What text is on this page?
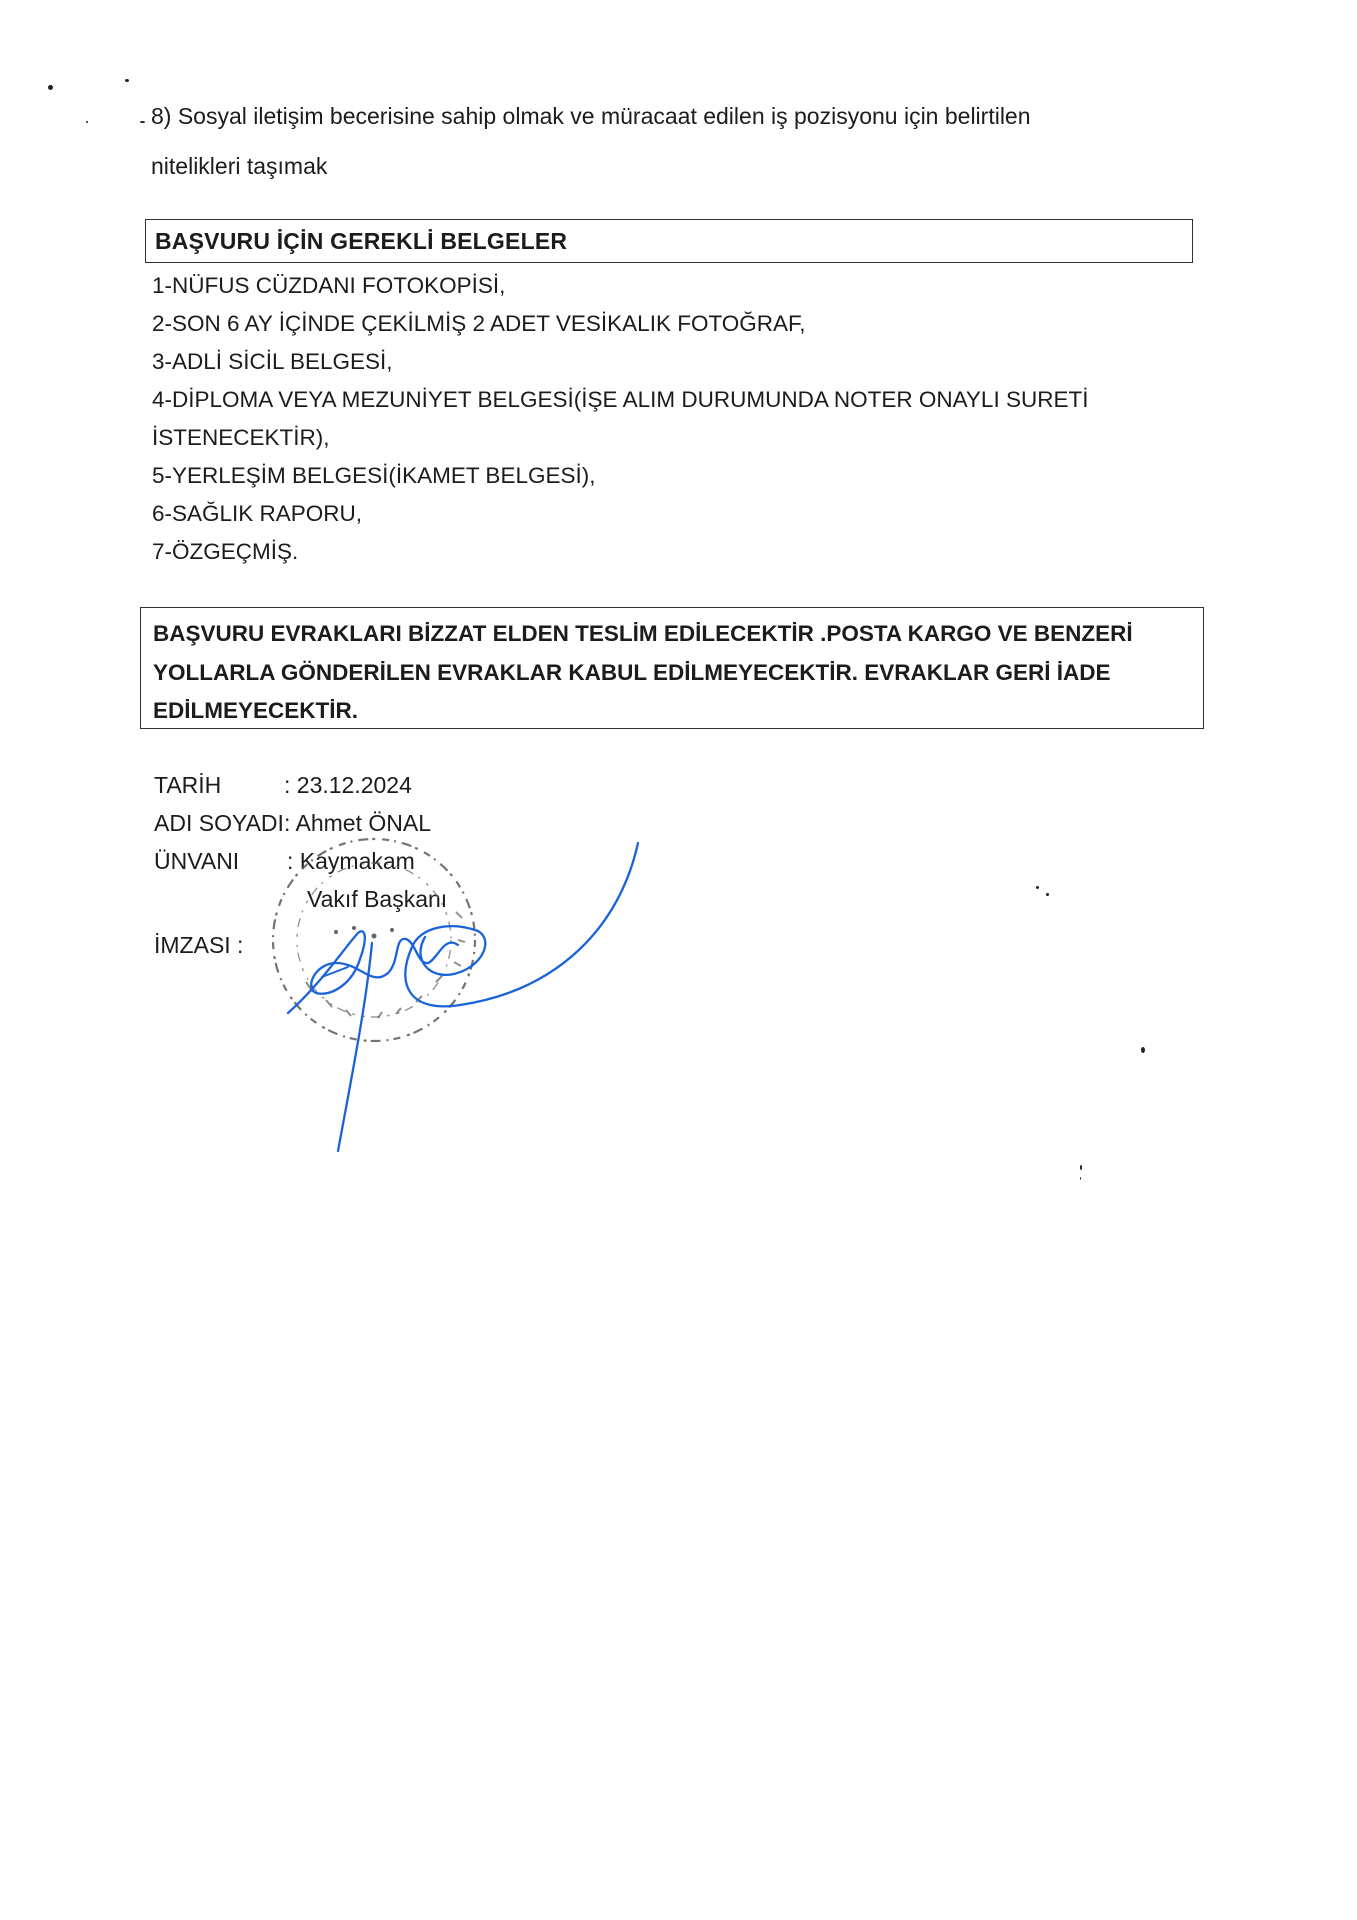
8) Sosyal iletişim becerisine sahip olmak ve müracaat edilen iş pozisyonu için belirtilen

nitelikleri taşımak

BAŞVURU İÇİN GEREKLİ BELGELER
1-NÜFUS CÜZDANI FOTOKOPİSİ,
2-SON 6 AY İÇİNDE ÇEKİLMİŞ 2 ADET VESİKALIK FOTOĞRAF,
3-ADLİ SİCİL BELGESİ,
4-DİPLOMA VEYA MEZUNİYET BELGESİ(İŞE ALIM DURUMUNDA NOTER ONAYLI SURETİ
İSTENECEKTİR),
5-YERLEŞİM BELGESİ(İKAMET BELGESİ),
6-SAĞLIK RAPORU,
7-ÖZGEÇMİŞ.

BAŞVURU EVRAKLARI BİZZAT ELDEN TESLİM EDİLECEKTİR .POSTA KARGO VE BENZERİ
YOLLARLA GÖNDERİLEN EVRAKLAR KABUL EDİLMEYECEKTİR. EVRAKLAR GERİ İADE
EDİLMEYECEKTİR.

TARİH	: 23.12.2024
ADI SOYADI : Ahmet ÖNAL
ÜNVANI : Kaymakam
Vakıf Başkanı
İMZASI :
